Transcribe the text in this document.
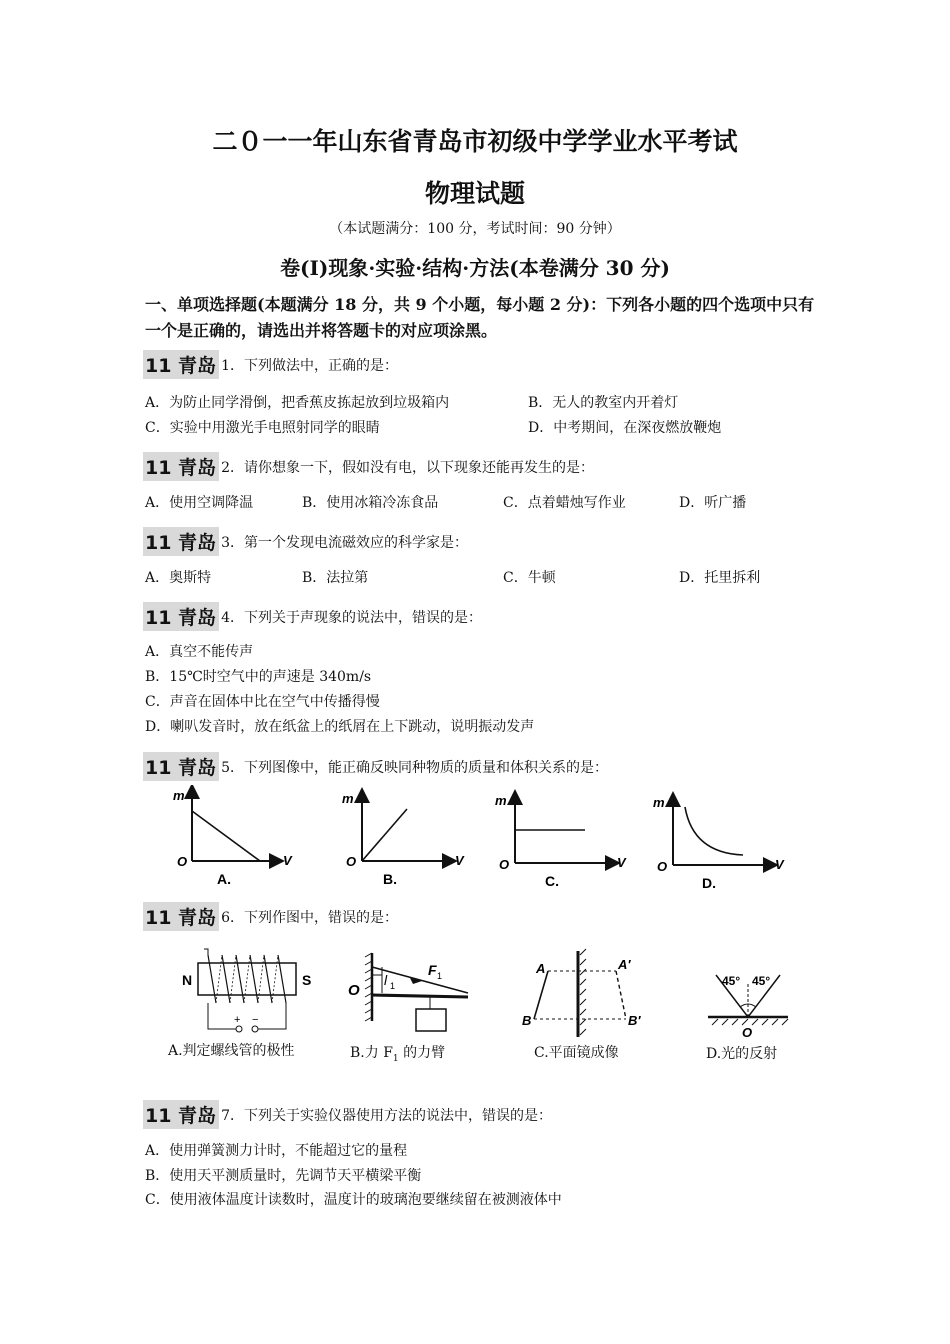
二０一一年山东省青岛市初级中学学业水平考试
物理试题
（本试题满分：100 分，考试时间：90 分钟）
卷(I)现象·实验·结构·方法(本卷满分 30 分)
一、单项选择题(本题满分 18 分，共 9 个小题，每小题 2 分)：下列各小题的四个选项中只有一个是正确的，请选出并将答题卡的对应项涂黑。
11 青岛 1．下列做法中，正确的是：
A．为防止同学滑倒，把香蕉皮拣起放到垃圾箱内	B．无人的教室内开着灯
C．实验中用激光手电照射同学的眼睛	D．中考期间，在深夜燃放鞭炮
11 青岛 2．请你想象一下，假如没有电，以下现象还能再发生的是：
A．使用空调降温	B．使用冰箱冷冻食品	C．点着蜡烛写作业	D．听广播
11 青岛 3．第一个发现电流磁效应的科学家是：
A．奥斯特	B．法拉第	C．牛顿	D．托里拆利
11 青岛 4．下列关于声现象的说法中，错误的是：
A．真空不能传声
B．15℃时空气中的声速是 340m/s
C．声音在固体中比在空气中传播得慢
D．喇叭发音时，放在纸盆上的纸屑在上下跳动，说明振动发声
11 青岛 5．下列图像中，能正确反映同种物质的质量和体积关系的是：
m
O	V
A.
m
O	V
B.
m
O	V
C.
m
O	V
D.
11 青岛 6．下列作图中，错误的是：
N	S
+ −
O
l 1
F 1	A	A′
B	B′
45° 45°
O
A.判定螺线管的极性	B.力 $F_1$ 的力臂	C.平面镜成像	D.光的反射
11 青岛 7．下列关于实验仪器使用方法的说法中，错误的是：
A．使用弹簧测力计时，不能超过它的量程
B．使用天平测质量时，先调节天平横梁平衡
C．使用液体温度计读数时，温度计的玻璃泡要继续留在被测液体中
